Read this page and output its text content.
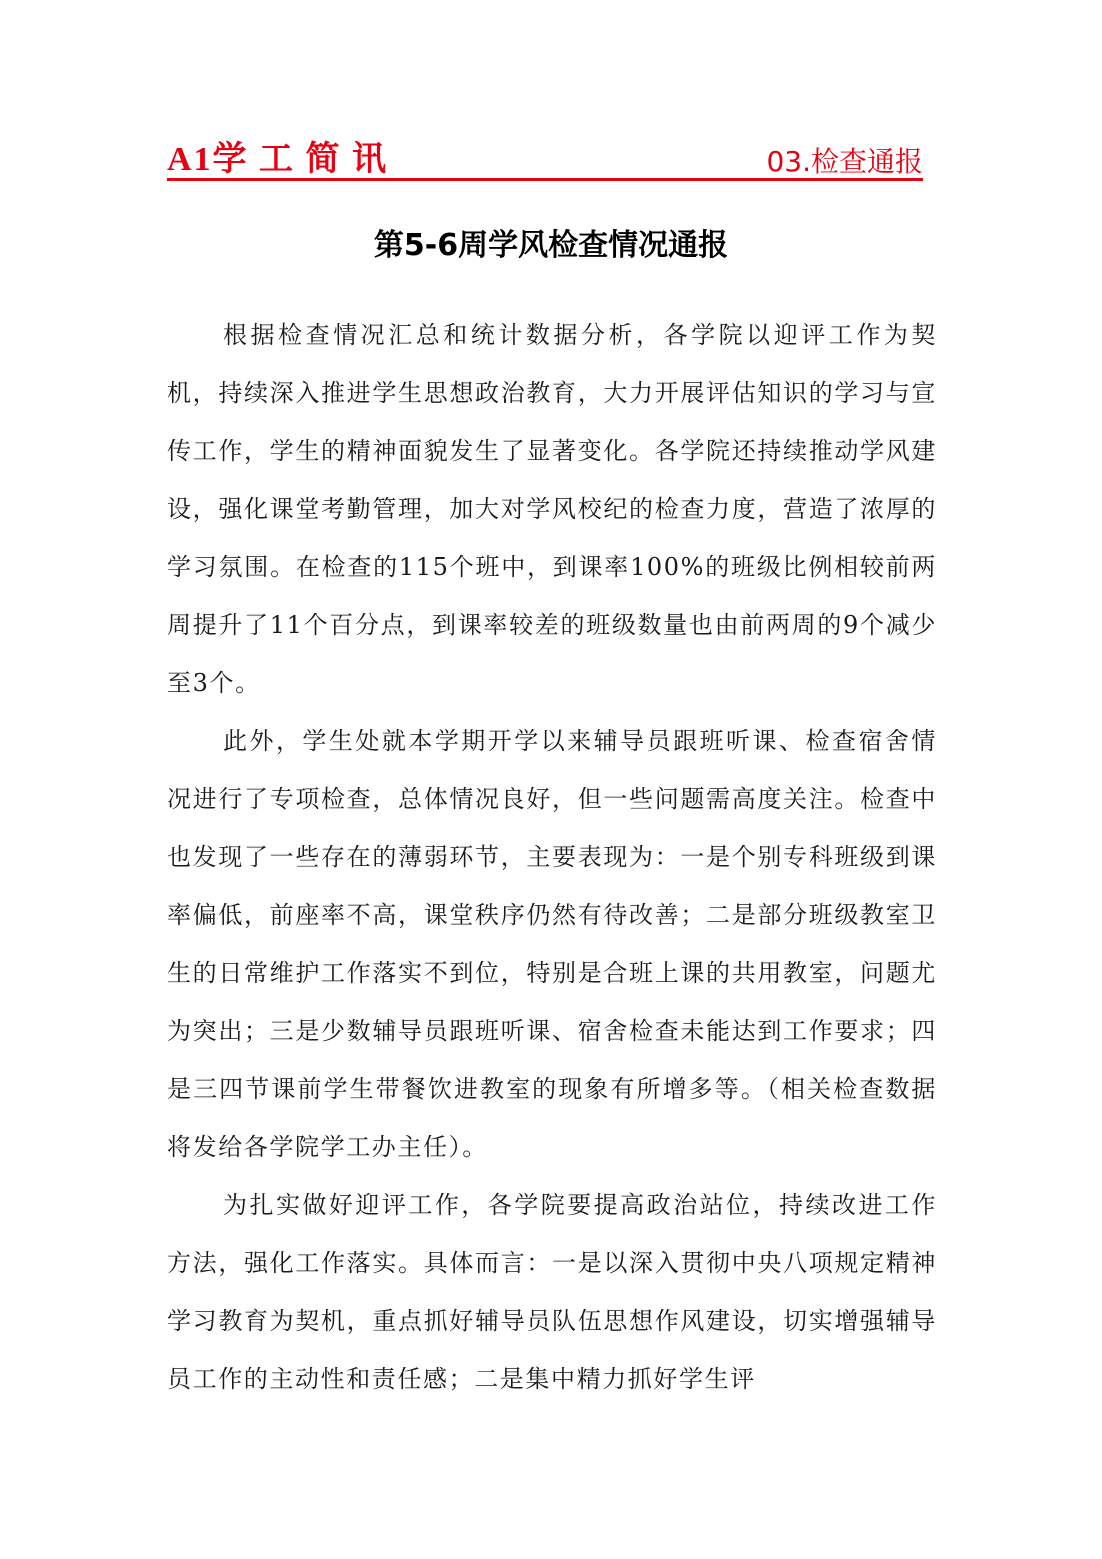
A1学 工 简 讯	03.检查通报
第5-6周学风检查情况通报

根据检查情况汇总和统计数据分析，各学院以迎评工作为契机，持续深入推进学生思想政治教育，大力开展评估知识的学习与宣传工作，学生的精神面貌发生了显著变化。各学院还持续推动学风建设，强化课堂考勤管理，加大对学风校纪的检查力度，营造了浓厚的学习氛围。在检查的115个班中，到课率100%的班级比例相较前两周提升了11个百分点，到课率较差的班级数量也由前两周的9个减少至3个。

此外，学生处就本学期开学以来辅导员跟班听课、检查宿舍情况进行了专项检查，总体情况良好，但一些问题需高度关注。检查中也发现了一些存在的薄弱环节，主要表现为：一是个别专科班级到课率偏低，前座率不高，课堂秩序仍然有待改善；二是部分班级教室卫生的日常维护工作落实不到位，特别是合班上课的共用教室，问题尤为突出；三是少数辅导员跟班听课、宿舍检查未能达到工作要求；四是三四节课前学生带餐饮进教室的现象有所增多等。（相关检查数据将发给各学院学工办主任）。

为扎实做好迎评工作，各学院要提高政治站位，持续改进工作方法，强化工作落实。具体而言：一是以深入贯彻中央八项规定精神学习教育为契机，重点抓好辅导员队伍思想作风建设，切实增强辅导员工作的主动性和责任感；二是集中精力抓好学生评
